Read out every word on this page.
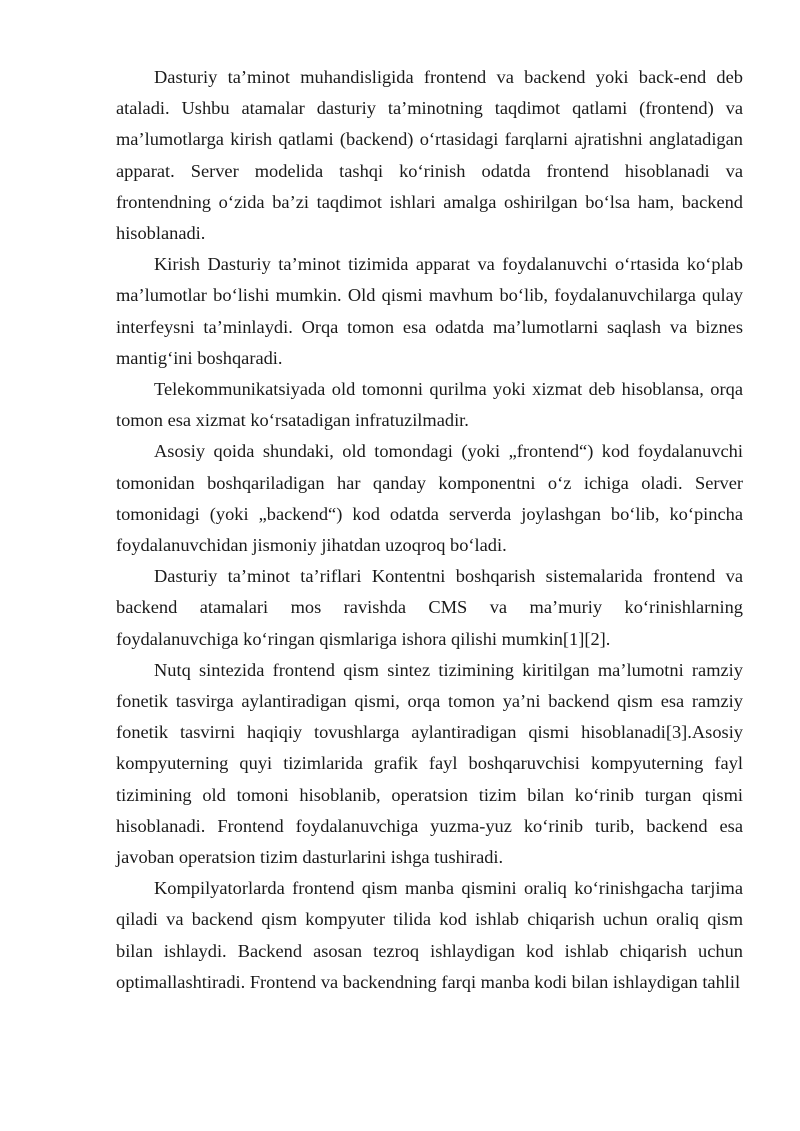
Dasturiy ta’minot muhandisligida frontend va backend yoki back-end deb ataladi. Ushbu atamalar dasturiy ta’minotning taqdimot qatlami (frontend) va ma’lumotlarga kirish qatlami (backend) o‘rtasidagi farqlarni ajratishni anglatadigan apparat. Server modelida tashqi ko‘rinish odatda frontend hisoblanadi va frontendning o‘zida ba’zi taqdimot ishlari amalga oshirilgan bo‘lsa ham, backend hisoblanadi.

Kirish Dasturiy ta’minot tizimida apparat va foydalanuvchi o‘rtasida ko‘plab ma’lumotlar bo‘lishi mumkin. Old qismi mavhum bo‘lib, foydalanuvchilarga qulay interfeysni ta’minlaydi. Orqa tomon esa odatda ma’lumotlarni saqlash va biznes mantig‘ini boshqaradi.

Telekommunikatsiyada old tomonni qurilma yoki xizmat deb hisoblansa, orqa tomon esa xizmat ko‘rsatadigan infratuzilmadir.

Asosiy qoida shundaki, old tomondagi (yoki „frontend“) kod foydalanuvchi tomonidan boshqariladigan har qanday komponentni o‘z ichiga oladi. Server tomonidagi (yoki „backend“) kod odatda serverda joylashgan bo‘lib, ko‘pincha foydalanuvchidan jismoniy jihatdan uzoqroq bo‘ladi.

Dasturiy ta’minot ta’riflari Kontentni boshqarish sistemalarida frontend va backend atamalari mos ravishda CMS va ma’muriy ko‘rinishlarning foydalanuvchiga ko‘ringan qismlariga ishora qilishi mumkin[1][2].

Nutq sintezida frontend qism sintez tizimining kiritilgan ma’lumotni ramziy fonetik tasvirga aylantiradigan qismi, orqa tomon ya’ni backend qism esa ramziy fonetik tasvirni haqiqiy tovushlarga aylantiradigan qismi hisoblanadi[3].Asosiy kompyuterning quyi tizimlarida grafik fayl boshqaruvchisi kompyuterning fayl tizimining old tomoni hisoblanib, operatsion tizim bilan ko‘rinib turgan qismi hisoblanadi. Frontend foydalanuvchiga yuzma-yuz ko‘rinib turib, backend esa javoban operatsion tizim dasturlarini ishga tushiradi.

Kompilyatorlarda frontend qism manba qismini oraliq ko‘rinishgacha tarjima qiladi va backend qism kompyuter tilida kod ishlab chiqarish uchun oraliq qism bilan ishlaydi. Backend asosan tezroq ishlaydigan kod ishlab chiqarish uchun optimallashtiradi. Frontend va backendning farqi manba kodi bilan ishlaydigan tahlil
